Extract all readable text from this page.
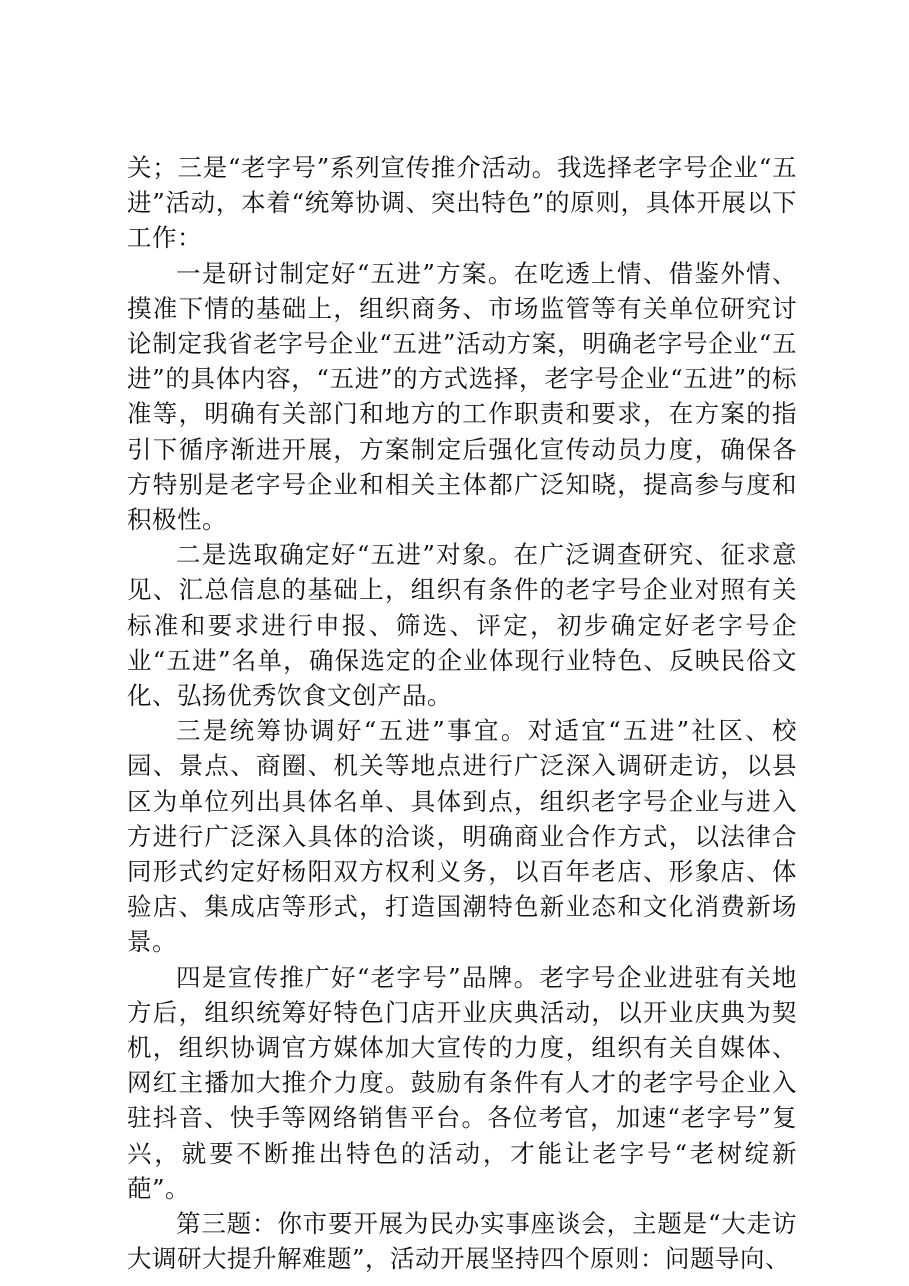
关；三是“老字号”系列宣传推介活动。我选择老字号企业“五进”活动，本着“统筹协调、突出特色”的原则，具体开展以下工作：

一是研讨制定好“五进”方案。在吃透上情、借鉴外情、摸准下情的基础上，组织商务、市场监管等有关单位研究讨论制定我省老字号企业“五进”活动方案，明确老字号企业“五进”的具体内容，“五进”的方式选择，老字号企业“五进”的标准等，明确有关部门和地方的工作职责和要求，在方案的指引下循序渐进开展，方案制定后强化宣传动员力度，确保各方特别是老字号企业和相关主体都广泛知晓，提高参与度和积极性。

二是选取确定好“五进”对象。在广泛调查研究、征求意见、汇总信息的基础上，组织有条件的老字号企业对照有关标准和要求进行申报、筛选、评定，初步确定好老字号企业“五进”名单，确保选定的企业体现行业特色、反映民俗文化、弘扬优秀饮食文创产品。

三是统筹协调好“五进”事宜。对适宜“五进”社区、校园、景点、商圈、机关等地点进行广泛深入调研走访，以县区为单位列出具体名单、具体到点，组织老字号企业与进入方进行广泛深入具体的洽谈，明确商业合作方式，以法律合同形式约定好杨阳双方权利义务，以百年老店、形象店、体验店、集成店等形式，打造国潮特色新业态和文化消费新场景。

四是宣传推广好“老字号”品牌。老字号企业进驻有关地方后，组织统筹好特色门店开业庆典活动，以开业庆典为契机，组织协调官方媒体加大宣传的力度，组织有关自媒体、网红主播加大推介力度。鼓励有条件有人才的老字号企业入驻抖音、快手等网络销售平台。各位考官，加速“老字号”复兴，就要不断推出特色的活动，才能让老字号“老树绽新葩”。

第三题：你市要开展为民办实事座谈会，主题是“大走访大调研大提升解难题”，活动开展坚持四个原则：问题导向、
